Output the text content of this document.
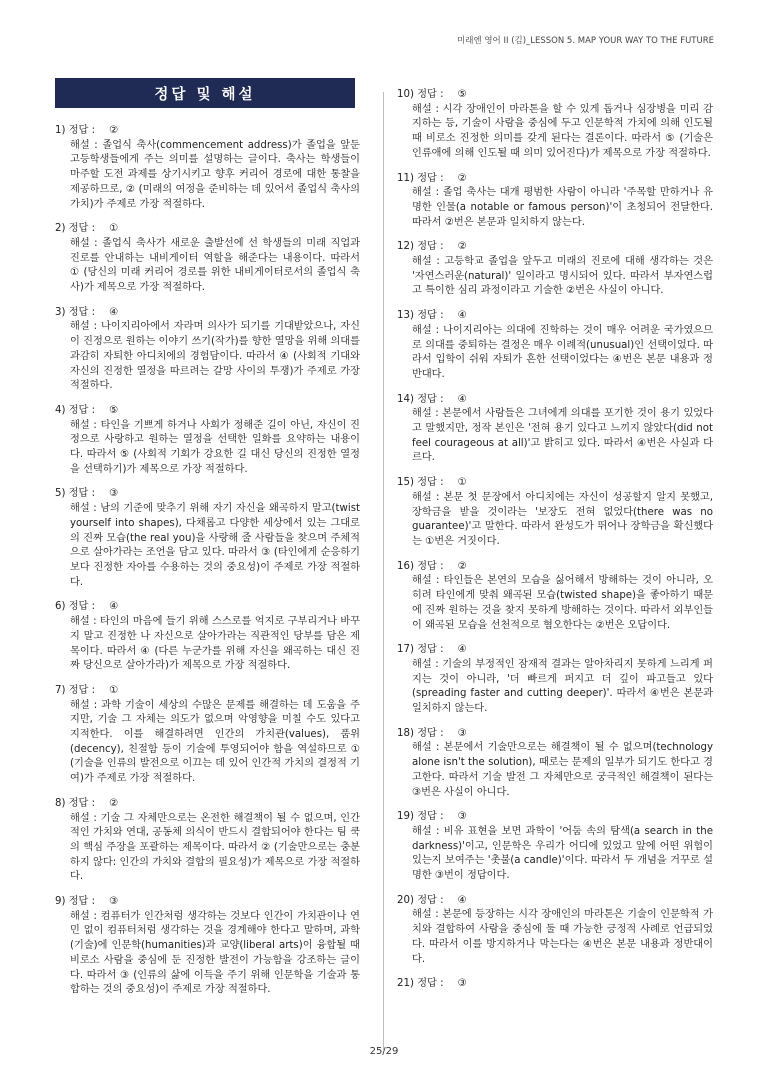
미래엔 영어 II (김)_LESSON 5. MAP YOUR WAY TO THE FUTURE
정답 및 해설
1) 정답 : ②
해설 : 졸업식 축사(commencement address)가 졸업을 앞둔 고등학생들에게 주는 의미를 설명하는 글이다. 축사는 학생들이 마주할 도전 과제를 상기시키고 향후 커리어 경로에 대한 통찰을 제공하므로, ② (미래의 여정을 준비하는 데 있어서 졸업식 축사의 가치)가 주제로 가장 적절하다.
2) 정답 : ①
해설 : 졸업식 축사가 새로운 출발선에 선 학생들의 미래 직업과 진로를 안내하는 내비게이터 역할을 해준다는 내용이다. 따라서 ① (당신의 미래 커리어 경로를 위한 내비게이터로서의 졸업식 축사)가 제목으로 가장 적절하다.
3) 정답 : ④
해설 : 나이지리아에서 자라며 의사가 되기를 기대받았으나, 자신이 진정으로 원하는 이야기 쓰기(작가)를 향한 열망을 위해 의대를 과감히 자퇴한 아디치에의 경험담이다. 따라서 ④ (사회적 기대와 자신의 진정한 열정을 따르려는 갈망 사이의 투쟁)가 주제로 가장 적절하다.
4) 정답 : ⑤
해설 : 타인을 기쁘게 하거나 사회가 정해준 길이 아닌, 자신이 진정으로 사랑하고 원하는 열정을 선택한 일화를 요약하는 내용이다. 따라서 ⑤ (사회적 기회가 강요한 길 대신 당신의 진정한 열정을 선택하기)가 제목으로 가장 적절하다.
5) 정답 : ③
해설 : 남의 기준에 맞추기 위해 자기 자신을 왜곡하지 말고(twist yourself into shapes), 다채롭고 다양한 세상에서 있는 그대로의 진짜 모습(the real you)을 사랑해 줄 사람들을 찾으며 주체적으로 살아가라는 조언을 담고 있다. 따라서 ③ (타인에게 순응하기보다 진정한 자아를 수용하는 것의 중요성)이 주제로 가장 적절하다.
6) 정답 : ④
해설 : 타인의 마음에 들기 위해 스스로를 억지로 구부리거나 바꾸지 말고 진정한 나 자신으로 살아가라는 직관적인 당부를 담은 제목이다. 따라서 ④ (다른 누군가를 위해 자신을 왜곡하는 대신 진짜 당신으로 살아가라)가 제목으로 가장 적절하다.
7) 정답 : ①
해설 : 과학 기술이 세상의 수많은 문제를 해결하는 데 도움을 주지만, 기술 그 자체는 의도가 없으며 악영향을 미칠 수도 있다고 지적한다. 이를 해결하려면 인간의 가치관(values), 품위(decency), 친절함 등이 기술에 투영되어야 함을 역설하므로 ① (기술을 인류의 발전으로 이끄는 데 있어 인간적 가치의 결정적 기여)가 주제로 가장 적절하다.
8) 정답 : ②
해설 : 기술 그 자체만으로는 온전한 해결책이 될 수 없으며, 인간적인 가치와 연대, 공동체 의식이 반드시 결합되어야 한다는 팀 쿡의 핵심 주장을 포괄하는 제목이다. 따라서 ② (기술만으로는 충분하지 않다: 인간의 가치와 결합의 필요성)가 제목으로 가장 적절하다.
9) 정답 : ③
해설 : 컴퓨터가 인간처럼 생각하는 것보다 인간이 가치관이나 연민 없이 컴퓨터처럼 생각하는 것을 경계해야 한다고 말하며, 과학(기술)에 인문학(humanities)과 교양(liberal arts)이 융합될 때 비로소 사람을 중심에 둔 진정한 발전이 가능함을 강조하는 글이다. 따라서 ③ (인류의 삶에 이득을 주기 위해 인문학을 기술과 통합하는 것의 중요성)이 주제로 가장 적절하다.
10) 정답 : ⑤
해설 : 시각 장애인이 마라톤을 할 수 있게 돕거나 심장병을 미리 감지하는 등, 기술이 사람을 중심에 두고 인문학적 가치에 의해 인도될 때 비로소 진정한 의미를 갖게 된다는 결론이다. 따라서 ⑤ (기술은 인류애에 의해 인도될 때 의미 있어진다)가 제목으로 가장 적절하다.
11) 정답 : ②
해설 : 졸업 축사는 대개 평범한 사람이 아니라 '주목할 만하거나 유명한 인물(a notable or famous person)'이 초청되어 전달한다. 따라서 ②번은 본문과 일치하지 않는다.
12) 정답 : ②
해설 : 고등학교 졸업을 앞두고 미래의 진로에 대해 생각하는 것은 '자연스러운(natural)' 일이라고 명시되어 있다. 따라서 부자연스럽고 특이한 심리 과정이라고 기술한 ②번은 사실이 아니다.
13) 정답 : ④
해설 : 나이지리아는 의대에 진학하는 것이 매우 어려운 국가였으므로 의대를 중퇴하는 결정은 매우 이례적(unusual)인 선택이었다. 따라서 입학이 쉬워 자퇴가 흔한 선택이었다는 ④번은 본문 내용과 정반대다.
14) 정답 : ④
해설 : 본문에서 사람들은 그녀에게 의대를 포기한 것이 용기 있었다고 말했지만, 정작 본인은 '전혀 용기 있다고 느끼지 않았다(did not feel courageous at all)'고 밝히고 있다. 따라서 ④번은 사실과 다르다.
15) 정답 : ①
해설 : 본문 첫 문장에서 아디치에는 자신이 성공할지 알지 못했고, 장학금을 받을 것이라는 '보장도 전혀 없었다(there was no guarantee)'고 말한다. 따라서 완성도가 뛰어나 장학금을 확신했다는 ①번은 거짓이다.
16) 정답 : ②
해설 : 타인들은 본연의 모습을 싫어해서 방해하는 것이 아니라, 오히려 타인에게 맞춰 왜곡된 모습(twisted shape)을 좋아하기 때문에 진짜 원하는 것을 찾지 못하게 방해하는 것이다. 따라서 외부인들이 왜곡된 모습을 선천적으로 혐오한다는 ②번은 오답이다.
17) 정답 : ④
해설 : 기술의 부정적인 잠재적 결과는 알아차리지 못하게 느리게 퍼지는 것이 아니라, '더 빠르게 퍼지고 더 깊이 파고들고 있다(spreading faster and cutting deeper)'. 따라서 ④번은 본문과 일치하지 않는다.
18) 정답 : ③
해설 : 본문에서 기술만으로는 해결책이 될 수 없으며(technology alone isn't the solution), 때로는 문제의 일부가 되기도 한다고 경고한다. 따라서 기술 발전 그 자체만으로 궁극적인 해결책이 된다는 ③번은 사실이 아니다.
19) 정답 : ③
해설 : 비유 표현을 보면 과학이 '어둠 속의 탐색(a search in the darkness)'이고, 인문학은 우리가 어디에 있었고 앞에 어떤 위험이 있는지 보여주는 '촛불(a candle)'이다. 따라서 두 개념을 거꾸로 설명한 ③번이 정답이다.
20) 정답 : ④
해설 : 본문에 등장하는 시각 장애인의 마라톤은 기술이 인문학적 가치와 결합하여 사람을 중심에 둘 때 가능한 긍정적 사례로 언급되었다. 따라서 이를 방지하거나 막는다는 ④번은 본문 내용과 정반대이다.
21) 정답 : ③
25/29
